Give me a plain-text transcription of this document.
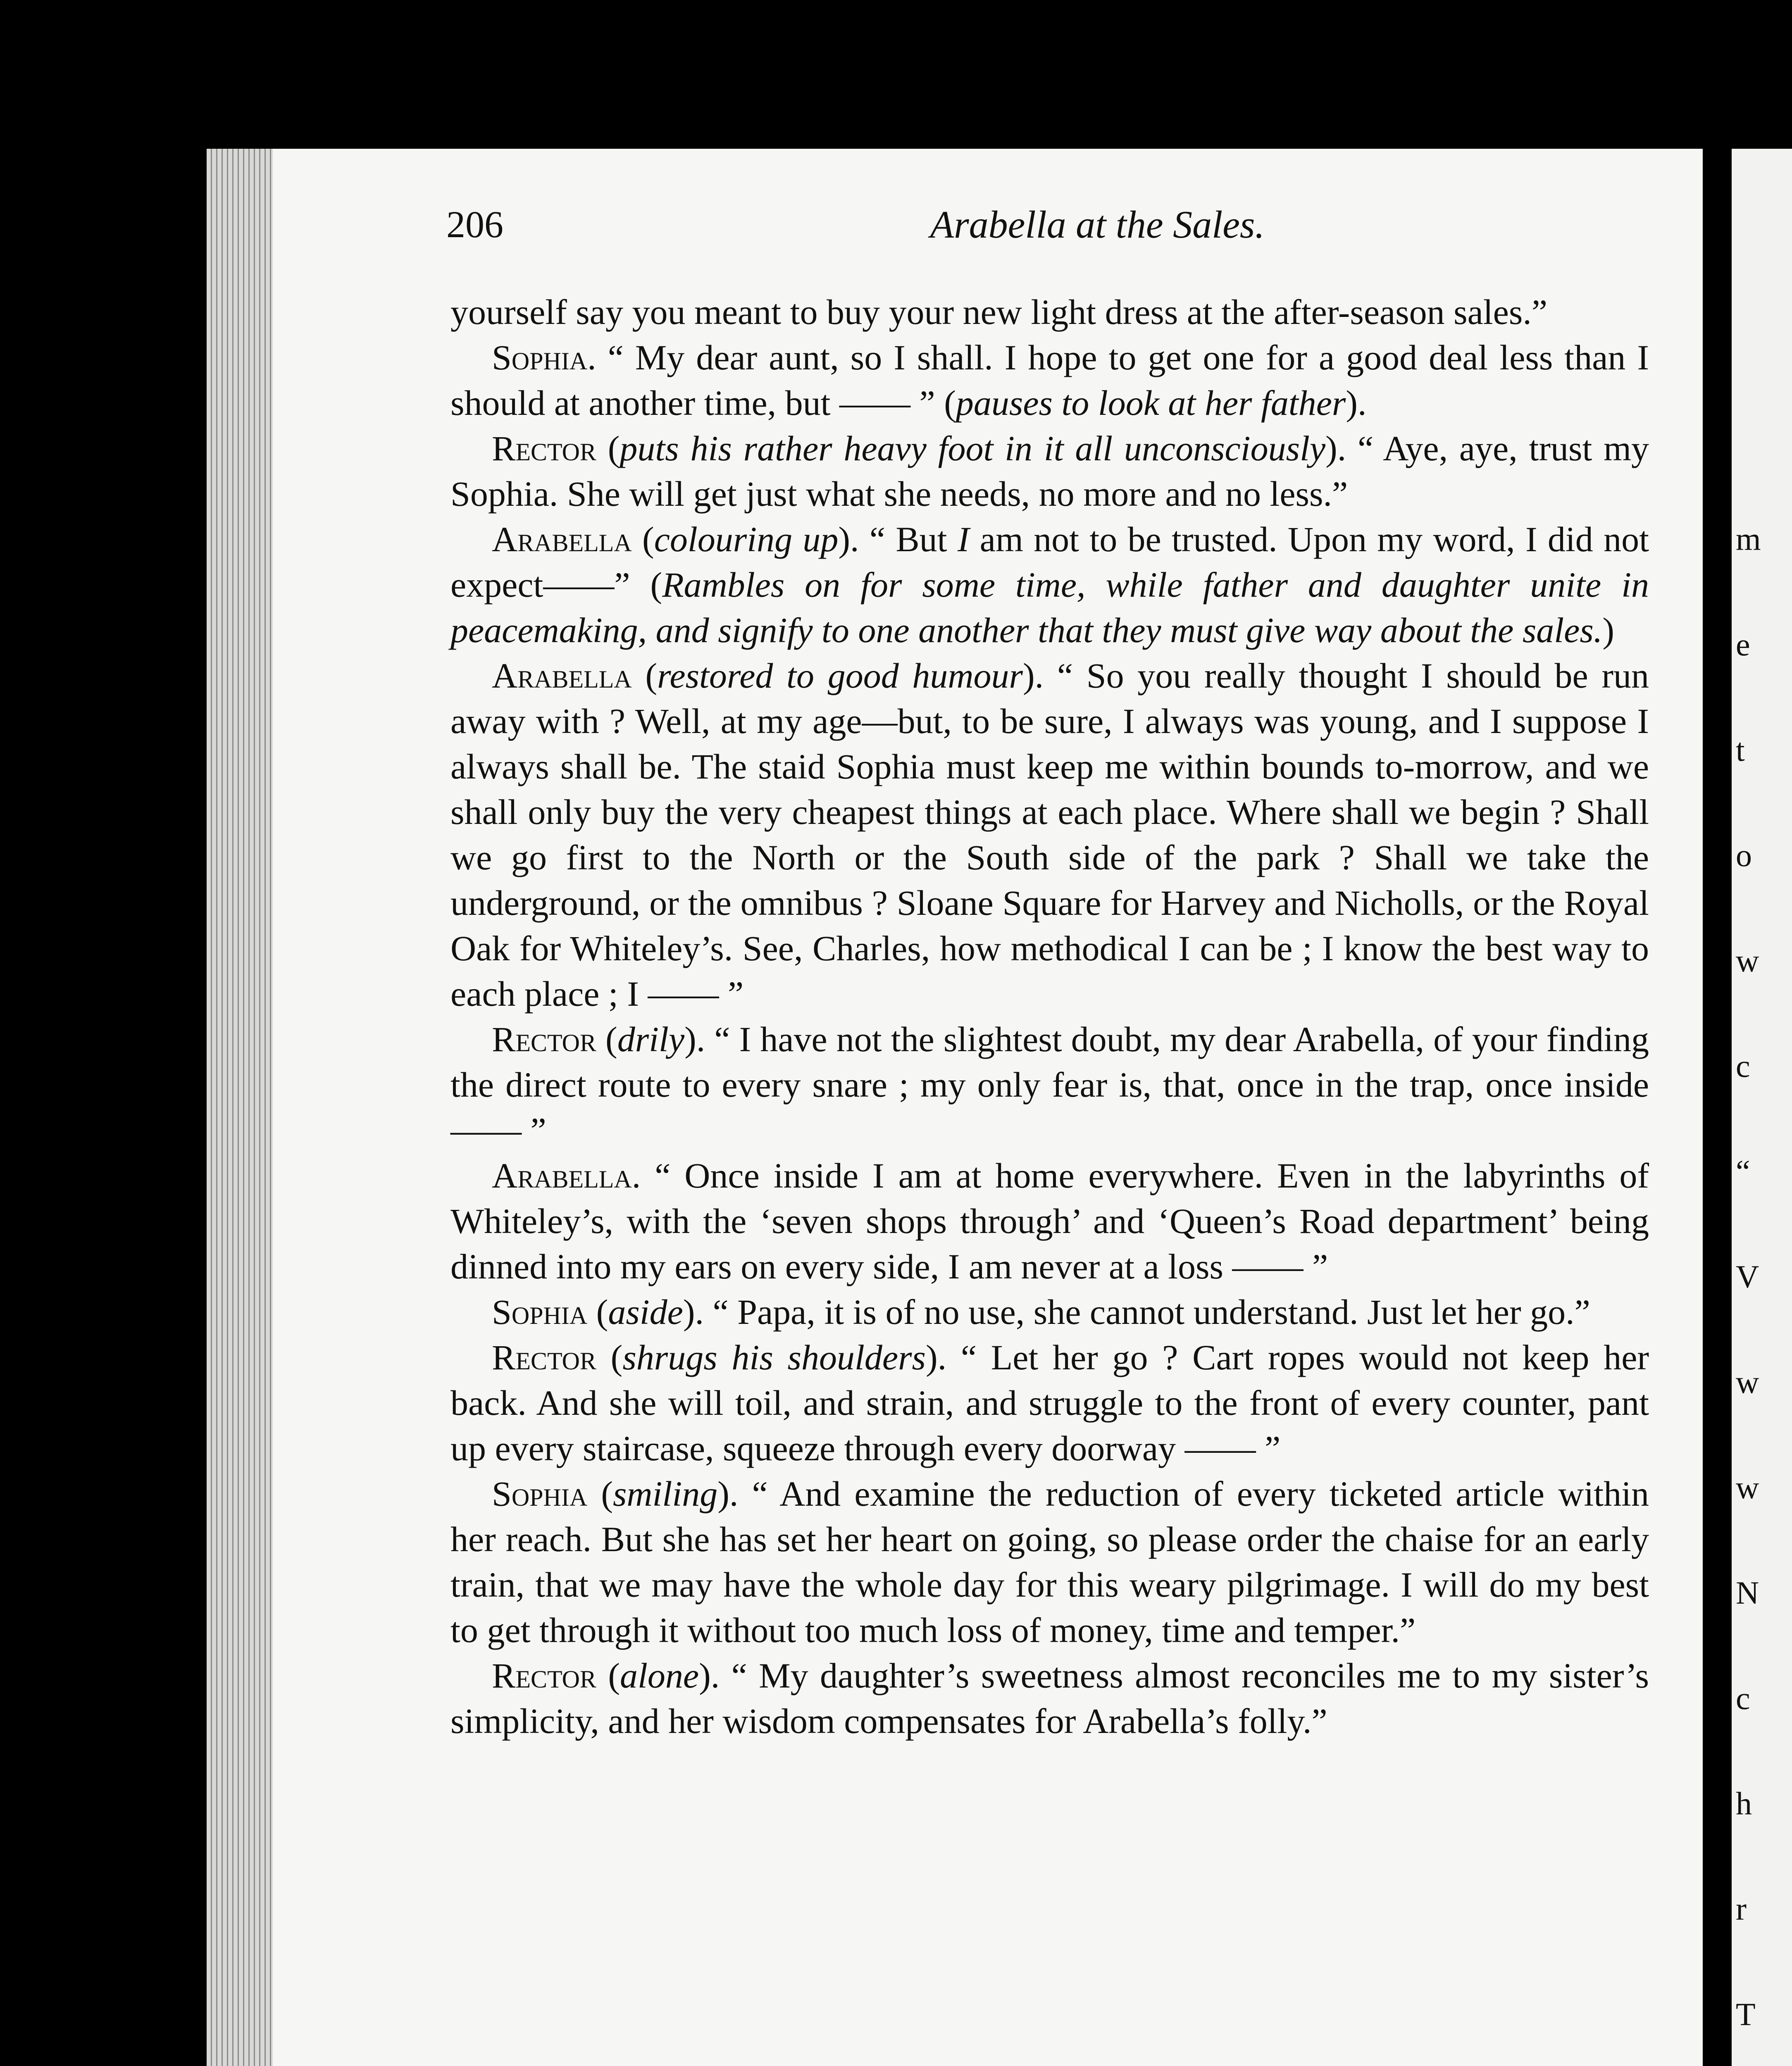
m
e
t
o
w
c
“
V
w
w
N
c
h
r
T
206	Arabella at the Sales.

yourself say you meant to buy your new light dress at the after-season sales.”

Sophia. “ My dear aunt, so I shall. I hope to get one for a good deal less than I should at another time, but —— ” (pauses to look at her father).

Rector (puts his rather heavy foot in it all unconsciously). “ Aye, aye, trust my Sophia. She will get just what she needs, no more and no less.”

Arabella (colouring up). “ But I am not to be trusted. Upon my word, I did not expect——” (Rambles on for some time, while father and daughter unite in peacemaking, and signify to one another that they must give way about the sales.)

Arabella (restored to good humour). “ So you really thought I should be run away with ? Well, at my age—but, to be sure, I always was young, and I suppose I always shall be. The staid Sophia must keep me within bounds to-morrow, and we shall only buy the very cheapest things at each place. Where shall we begin ? Shall we go first to the North or the South side of the park ? Shall we take the underground, or the omnibus ? Sloane Square for Harvey and Nicholls, or the Royal Oak for Whiteley’s. See, Charles, how methodical I can be ; I know the best way to each place ; I —— ”

Rector (drily). “ I have not the slightest doubt, my dear Arabella, of your finding the direct route to every snare ; my only fear is, that, once in the trap, once inside —— ”

Arabella. “ Once inside I am at home everywhere. Even in the labyrinths of Whiteley’s, with the ‘seven shops through’ and ‘Queen’s Road department’ being dinned into my ears on every side, I am never at a loss —— ”

Sophia (aside). “ Papa, it is of no use, she cannot understand. Just let her go.”

Rector (shrugs his shoulders). “ Let her go ? Cart ropes would not keep her back. And she will toil, and strain, and struggle to the front of every counter, pant up every staircase, squeeze through every doorway —— ”

Sophia (smiling). “ And examine the reduction of every ticketed article within her reach. But she has set her heart on going, so please order the chaise for an early train, that we may have the whole day for this weary pilgrimage. I will do my best to get through it without too much loss of money, time and temper.”

Rector (alone). “ My daughter’s sweetness almost reconciles me to my sister’s simplicity, and her wisdom compensates for Arabella’s folly.”
